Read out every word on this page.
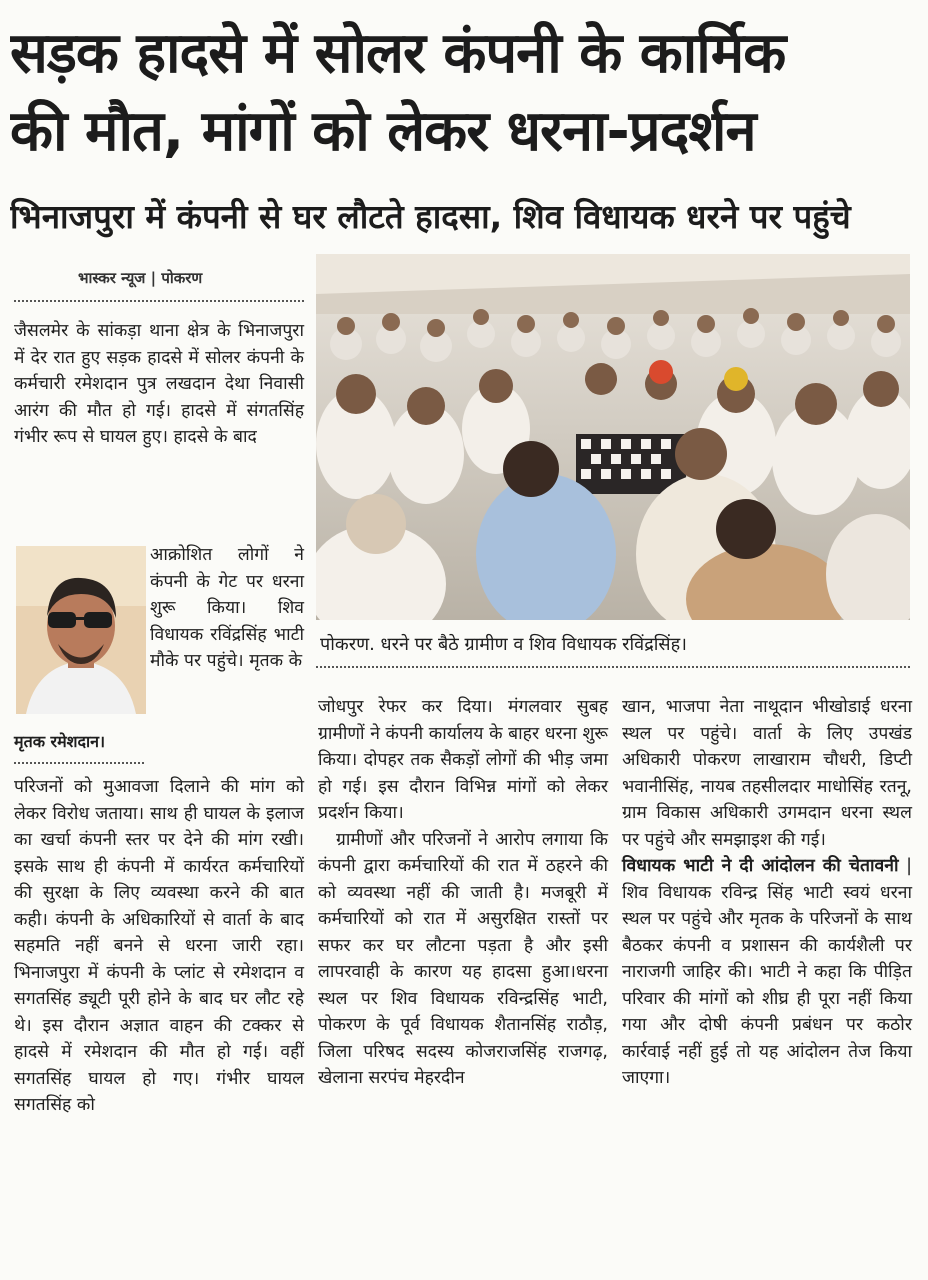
सड़क हादसे में सोलर कंपनी के कार्मिक
की मौत, मांगों को लेकर धरना-प्रदर्शन
भिनाजपुरा में कंपनी से घर लौटते हादसा, शिव विधायक धरने पर पहुंचे
भास्कर न्यूज | पोकरण
पोकरण. धरने पर बैठे ग्रामीण व शिव विधायक रविंद्रसिंह।

जैसलमेर के सांकड़ा थाना क्षेत्र के भिनाजपुरा में देर रात हुए सड़क हादसे में सोलर कंपनी के कर्मचारी रमेशदान पुत्र लखदान देथा निवासी आरंग की मौत हो गई। हादसे में संगतसिंह गंभीर रूप से घायल हुए। हादसे के बाद

आक्रोशित लोगों ने कंपनी के गेट पर धरना शुरू किया। शिव विधायक रविंद्रसिंह भाटी मौके पर पहुंचे। मृतक के

मृतक रमेशदान।

परिजनों को मुआवजा दिलाने की मांग को लेकर विरोध जताया। साथ ही घायल के इलाज का खर्चा कंपनी स्तर पर देने की मांग रखी। इसके साथ ही कंपनी में कार्यरत कर्मचारियों की सुरक्षा के लिए व्यवस्था करने की बात कही। कंपनी के अधिकारियों से वार्ता के बाद सहमति नहीं बनने से धरना जारी रहा। भिनाजपुरा में कंपनी के प्लांट से रमेशदान व सगतसिंह ड्यूटी पूरी होने के बाद घर लौट रहे थे। इस दौरान अज्ञात वाहन की टक्कर से हादसे में रमेशदान की मौत हो गई। वहीं सगतसिंह घायल हो गए। गंभीर घायल सगतसिंह को

जोधपुर रेफर कर दिया। मंगलवार सुबह ग्रामीणों ने कंपनी कार्यालय के बाहर धरना शुरू किया। दोपहर तक सैकड़ों लोगों की भीड़ जमा हो गई। इस दौरान विभिन्न मांगों को लेकर प्रदर्शन किया।

ग्रामीणों और परिजनों ने आरोप लगाया कि कंपनी द्वारा कर्मचारियों की रात में ठहरने की को व्यवस्था नहीं की जाती है। मजबूरी में कर्मचारियों को रात में असुरक्षित रास्तों पर सफर कर घर लौटना पड़ता है और इसी लापरवाही के कारण यह हादसा हुआ।धरना स्थल पर शिव विधायक रविन्द्रसिंह भाटी, पोकरण के पूर्व विधायक शैतानसिंह राठौड़, जिला परिषद सदस्य कोजराजसिंह राजगढ़, खेलाना सरपंच मेहरदीन

खान, भाजपा नेता नाथूदान भीखोडाई धरना स्थल पर पहुंचे। वार्ता के लिए उपखंड अधिकारी पोकरण लाखाराम चौधरी, डिप्टी भवानीसिंह, नायब तहसीलदार माधोसिंह रतनू, ग्राम विकास अधिकारी उगमदान धरना स्थल पर पहुंचे और समझाइश की गई।

विधायक भाटी ने दी आंदोलन की चेतावनी | शिव विधायक रविन्द्र सिंह भाटी स्वयं धरना स्थल पर पहुंचे और मृतक के परिजनों के साथ बैठकर कंपनी व प्रशासन की कार्यशैली पर नाराजगी जाहिर की। भाटी ने कहा कि पीड़ित परिवार की मांगों को शीघ्र ही पूरा नहीं किया गया और दोषी कंपनी प्रबंधन पर कठोर कार्रवाई नहीं हुई तो यह आंदोलन तेज किया जाएगा।
